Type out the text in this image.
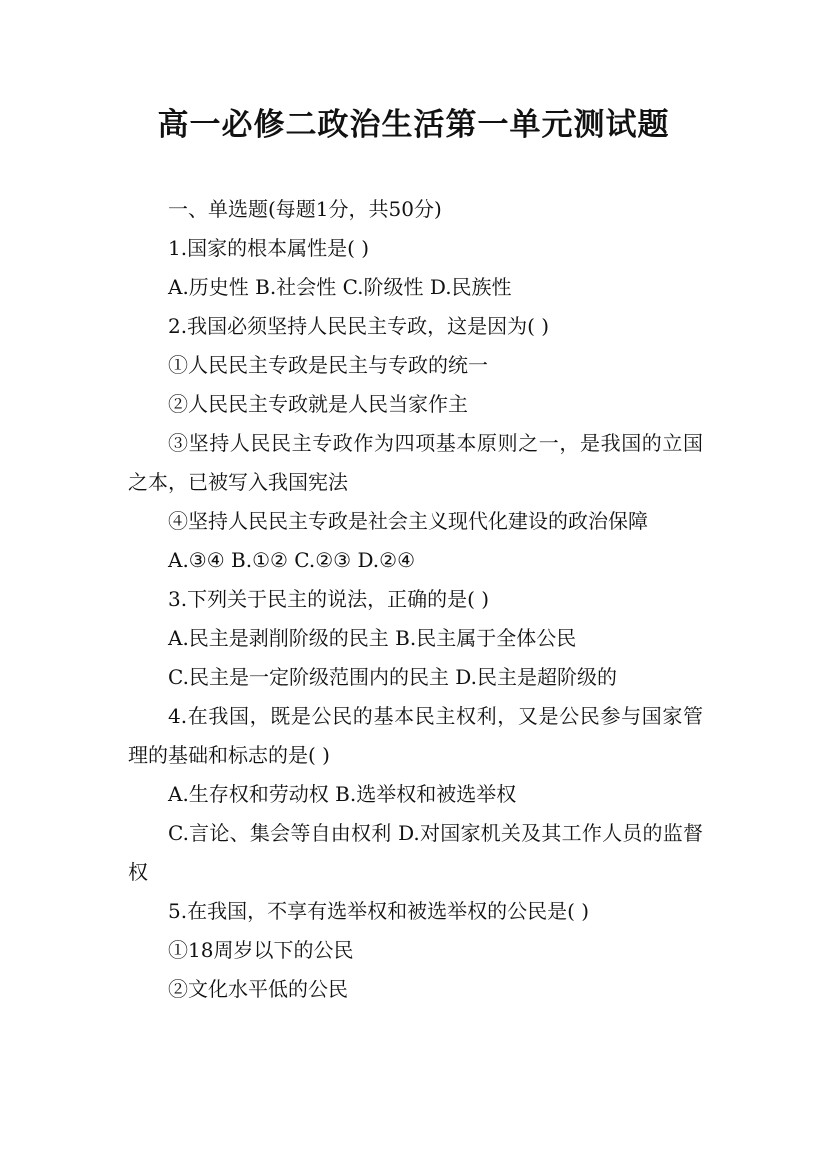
高一必修二政治生活第一单元测试题

一、单选题(每题1分，共50分)

1.国家的根本属性是( )

A.历史性 B.社会性 C.阶级性 D.民族性

2.我国必须坚持人民民主专政，这是因为( )

①人民民主专政是民主与专政的统一

②人民民主专政就是人民当家作主

③坚持人民民主专政作为四项基本原则之一，是我国的立国之本，已被写入我国宪法

④坚持人民民主专政是社会主义现代化建设的政治保障

A.③④ B.①② C.②③ D.②④

3.下列关于民主的说法，正确的是( )

A.民主是剥削阶级的民主 B.民主属于全体公民

C.民主是一定阶级范围内的民主 D.民主是超阶级的

4.在我国，既是公民的基本民主权利，又是公民参与国家管理的基础和标志的是( )

A.生存权和劳动权 B.选举权和被选举权

C.言论、集会等自由权利 D.对国家机关及其工作人员的监督权

5.在我国，不享有选举权和被选举权的公民是( )

①18周岁以下的公民

②文化水平低的公民
